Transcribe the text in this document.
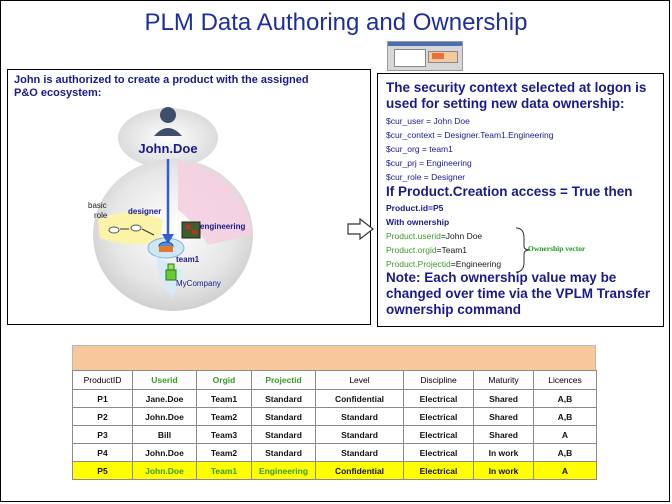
PLM Data Authoring and Ownership
John is authorized to create a product with the assigned P&O ecosystem:
John.Doe
basic
role	designer
engineering
team1
MyCompany
The security context selected at logon is used for setting new data ownership:
$cur_user = John Doe
$cur_context = Designer.Team1.Engineering
$cur_org = team1
$cur_prj = Engineering
$cur_role = Designer
If Product.Creation access = True then
Product.id=P5
With ownership
Product.userid=John Doe
Product.orgid=Team1
Product.Projectid=Engineering
Ownership vector
Note: Each ownership value may be changed over time via the VPLM Transfer ownership command
ProductID	Userid	Orgid	Projectid	Level	Discipline	Maturity	Licences
P1	Jane.Doe	Team1	Standard	Confidential	Electrical	Shared	A,B
P2	John.Doe	Team2	Standard	Standard	Electrical	Shared	A,B
P3	Bill	Team3	Standard	Standard	Electrical	Shared	A
P4	John.Doe	Team2	Standard	Standard	Electrical	In work	A,B
P5	John.Doe	Team1	Engineering	Confidential	Electrical	In work	A
